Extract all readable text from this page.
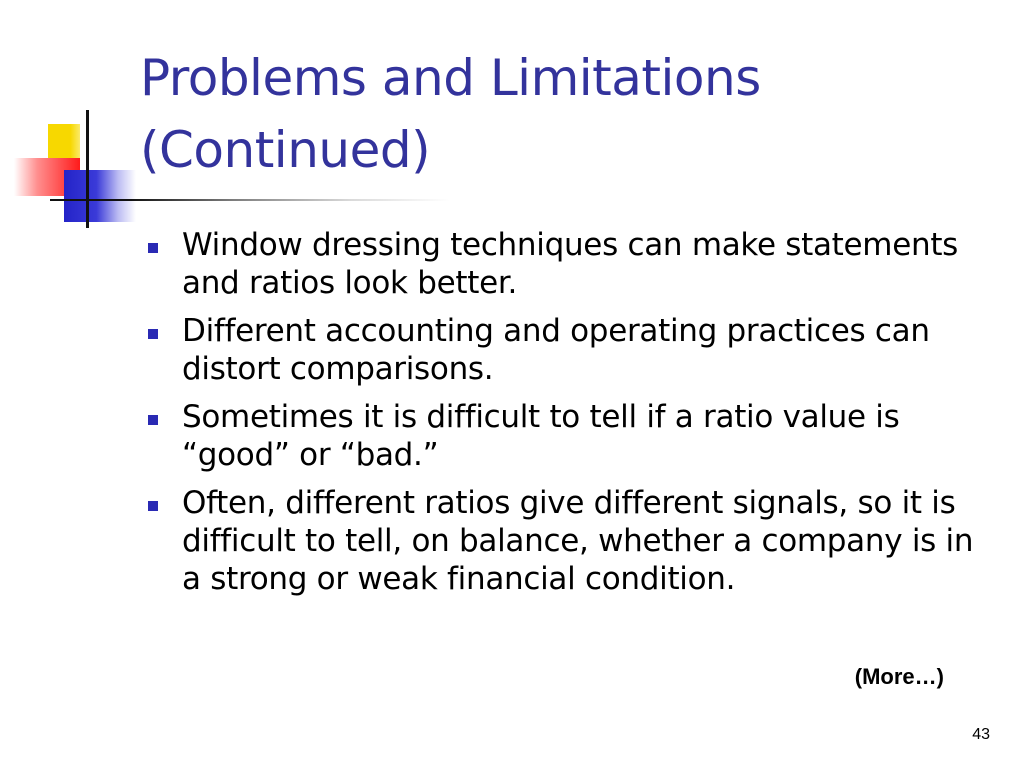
Problems and Limitations
(Continued)
Window dressing techniques can make statements and ratios look better.
Different accounting and operating practices can distort comparisons.
Sometimes it is difficult to tell if a ratio value is “good” or “bad.”
Often, different ratios give different signals, so it is difficult to tell, on balance, whether a company is in a strong or weak financial condition.
(More…)
43
